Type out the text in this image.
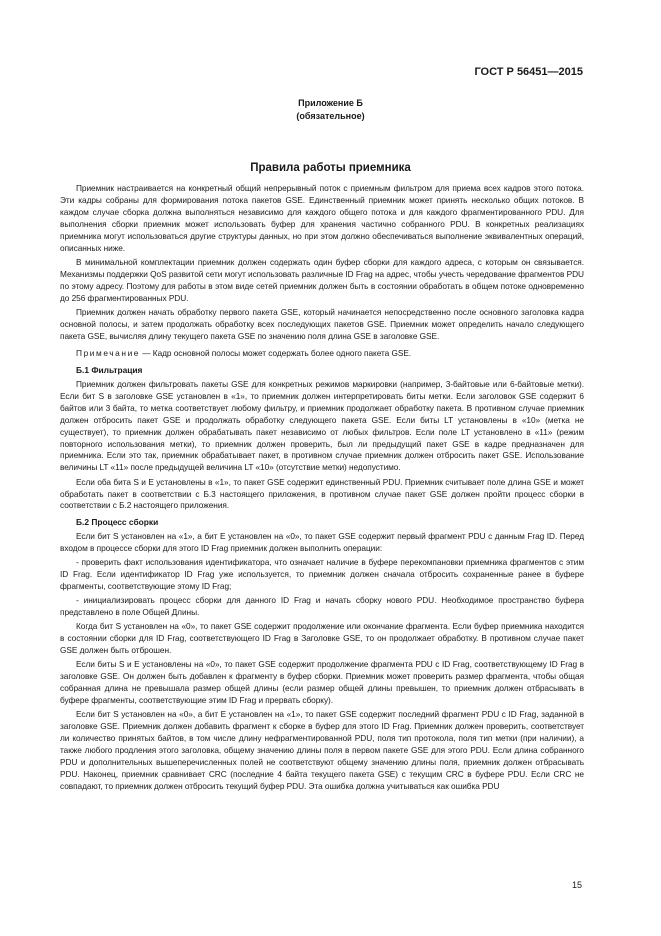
ГОСТ Р 56451—2015
Приложение Б
(обязательное)
Правила работы приемника

Приемник настраивается на конкретный общий непрерывный поток с приемным фильтром для приема всех кадров этого потока. Эти кадры собраны для формирования потока пакетов GSE. Единственный приемник может принять несколько общих потоков. В каждом случае сборка должна выполняться независимо для каждого общего потока и для каждого фрагментированного PDU. Для выполнения сборки приемник может использовать буфер для хранения частично собранного PDU. В конкретных реализациях приемника могут использоваться другие структуры данных, но при этом должно обеспечиваться выполнение эквивалентных операций, описанных ниже.

В минимальной комплектации приемник должен содержать один буфер сборки для каждого адреса, с которым он связывается. Механизмы поддержки QoS развитой сети могут использовать различные ID Frag на адрес, чтобы учесть чередование фрагментов PDU по этому адресу. Поэтому для работы в этом виде сетей приемник должен быть в состоянии обработать в общем потоке одновременно до 256 фрагментированных PDU.

Приемник должен начать обработку первого пакета GSE, который начинается непосредственно после основного заголовка кадра основной полосы, и затем продолжать обработку всех последующих пакетов GSE. Приемник может определить начало следующего пакета GSE, вычисляя длину текущего пакета GSE по значению поля длина GSE в заголовке GSE.

Примечание — Кадр основной полосы может содержать более одного пакета GSE.

Б.1 Фильтрация

Приемник должен фильтровать пакеты GSE для конкретных режимов маркировки (например, 3-байтовые или 6-байтовые метки). Если бит S в заголовке GSE установлен в «1», то приемник должен интерпретировать биты метки. Если заголовок GSE содержит 6 байтов или 3 байта, то метка соответствует любому фильтру, и приемник продолжает обработку пакета. В противном случае приемник должен отбросить пакет GSE и продолжать обработку следующего пакета GSE. Если биты LT установлены в «10» (метка не существует), то приемник должен обрабатывать пакет независимо от любых фильтров. Если поле LT установлено в «11» (режим повторного использования метки), то приемник должен проверить, был ли предыдущий пакет GSE в кадре предназначен для приемника. Если это так, приемник обрабатывает пакет, в противном случае приемник должен отбросить пакет GSE. Использование величины LT «11» после предыдущей величина LT «10» (отсутствие метки) недопустимо.

Если оба бита S и E установлены в «1», то пакет GSE содержит единственный PDU. Приемник считывает поле длина GSE и может обработать пакет в соответствии с Б.3 настоящего приложения, в противном случае пакет GSE должен пройти процесс сборки в соответствии с Б.2 настоящего приложения.

Б.2 Процесс сборки

Если бит S установлен на «1», а бит E установлен на «0», то пакет GSE содержит первый фрагмент PDU с данным Frag ID. Перед входом в процессе сборки для этого ID Frag приемник должен выполнить операции:

- проверить факт использования идентификатора, что означает наличие в буфере перекомпановки приемника фрагментов с этим ID Frag. Если идентификатор ID Frag уже используется, то приемник должен сначала отбросить сохраненные ранее в буфере фрагменты, соответствующие этому ID Frag;

- инициализировать процесс сборки для данного ID Frag и начать сборку нового PDU. Необходимое пространство буфера представлено в поле Общей Длины.

Когда бит S установлен на «0», то пакет GSE содержит продолжение или окончание фрагмента. Если буфер приемника находится в состоянии сборки для ID Frag, соответствующего ID Frag в Заголовке GSE, то он продолжает обработку. В противном случае пакет GSE должен быть отброшен.

Если биты S и E установлены на «0», то пакет GSE содержит продолжение фрагмента PDU с ID Frag, соответствующему ID Frag в заголовке GSE. Он должен быть добавлен к фрагменту в буфер сборки. Приемник может проверить размер фрагмента, чтобы общая собранная длина не превышала размер общей длины (если размер общей длины превышен, то приемник должен отбрасывать в буфере фрагменты, соответствующие этим ID Frag и прервать сборку).

Если бит S установлен на «0», а бит E установлен на «1», то пакет GSE содержит последний фрагмент PDU с ID Frag, заданной в заголовке GSE. Приемник должен добавить фрагмент к сборке в буфер для этого ID Frag. Приемник должен проверить, соответствует ли количество принятых байтов, в том числе длину нефрагментированной PDU, поля тип протокола, поля тип метки (при наличии), а также любого продления этого заголовка, общему значению длины поля в первом пакете GSE для этого PDU. Если длина собранного PDU и дополнительных вышеперечисленных полей не соответствуют общему значению длины поля, приемник должен отбрасывать PDU. Наконец, приемник сравнивает CRC (последние 4 байта текущего пакета GSE) с текущим CRC в буфере PDU. Если CRC не совпадают, то приемник должен отбросить текущий буфер PDU. Эта ошибка должна учитываться как ошибка PDU

15
